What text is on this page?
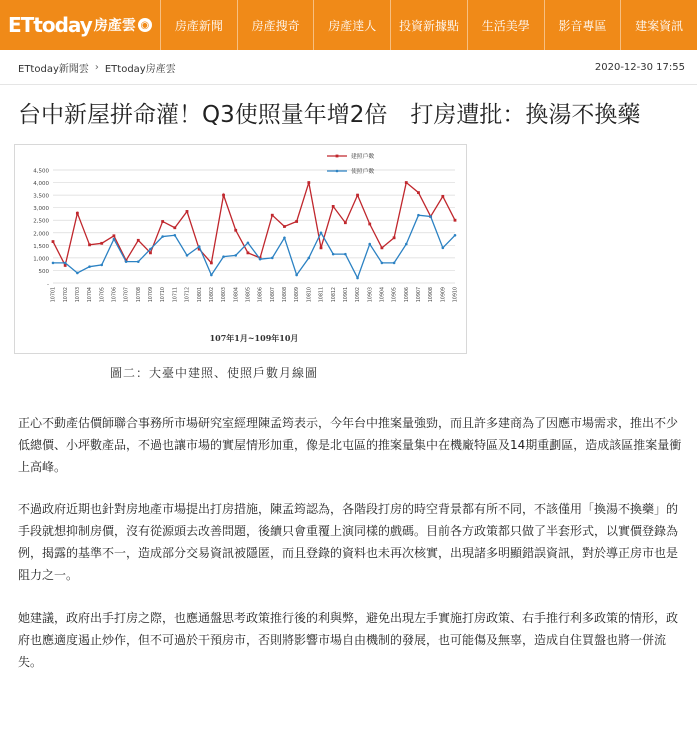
ETtoday 房產雲 ◉	房產新聞	房產搜奇	房產達人	投資新據點	生活美學	影音專區	建案資訊
ETtoday新聞雲 › ETtoday房產雲	2020-12-30 17:55
台中新屋拼命灌！Q3使照量年增2倍　打房遭批：換湯不換藥
-
500
1,000
1,500
2,000
2,500
3,000
3,500
4,000
4,500
10701 10702 10703 10704 10705 10706 10707 10708 10709 10710 10711 10712 10801 10802 10803 10804 10805 10806 10807 10808 10809 10810 10811 10812 10901 10902 10903 10904 10905 10906 10907 10908 10909 10910
建照戶數
使照戶數
107年1月~109年10月
圖二：大臺中建照、使照戶數月線圖

正心不動產估價師聯合事務所市場研究室經理陳孟筠表示，今年台中推案量強勁，而且許多建商為了因應市場需求，推出不少低總價、小坪數產品，不過也讓市場的實屋情形加重，像是北屯區的推案量集中在機廠特區及14期重劃區，造成該區推案量衝上高峰。

不過政府近期也針對房地產市場提出打房措施，陳孟筠認為，各階段打房的時空背景都有所不同，不該僅用「換湯不換藥」的手段就想抑制房價，沒有從源頭去改善問題，後續只會重覆上演同樣的戲碼。目前各方政策都只做了半套形式，以實價登錄為例，揭露的基準不一，造成部分交易資訊被隱匿，而且登錄的資料也未再次核實，出現諸多明顯錯誤資訊，對於導正房市也是阻力之一。

她建議，政府出手打房之際，也應通盤思考政策推行後的利與弊，避免出現左手實施打房政策、右手推行利多政策的情形，政府也應適度遏止炒作，但不可過於干預房市，否則將影響市場自由機制的發展，也可能傷及無辜，造成自住買盤也將一併流失。
